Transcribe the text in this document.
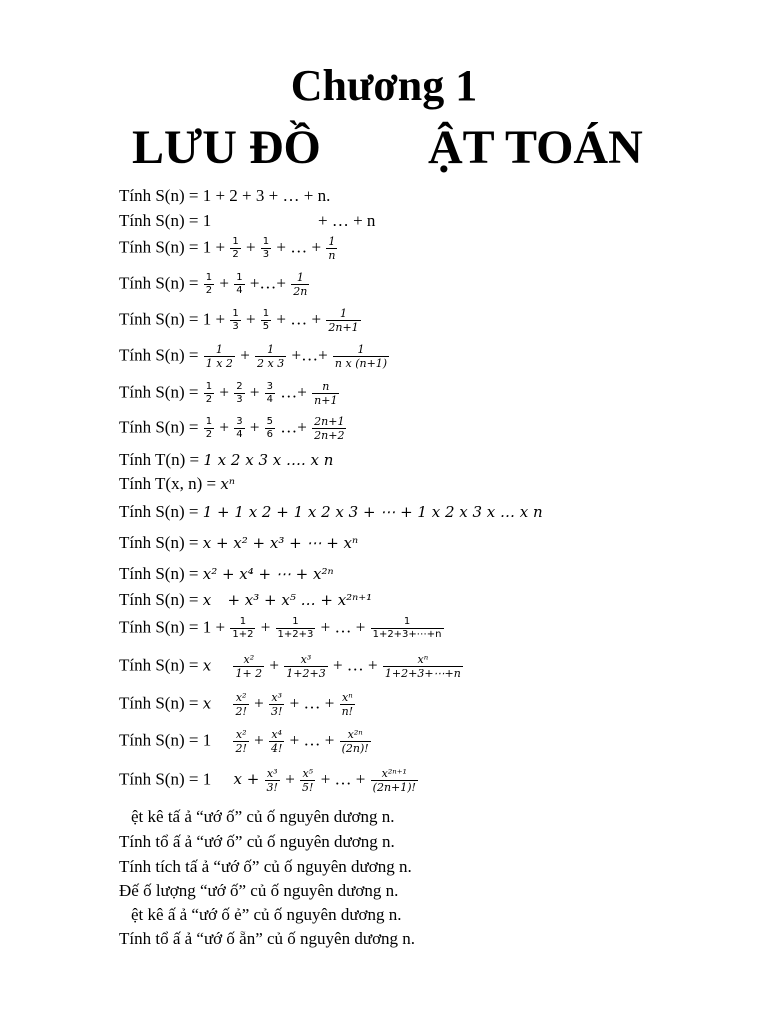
Chương 1
LƯU ĐỒ ẬT TOÁN
Tính S(n) = 1 + 2 + 3 + … + n.
Tính S(n) = 1	+ … + n
Tính $S(n) = 1 + \frac{1}{2} + \frac{1}{3}$ + … + $\frac{1}{n}$
Tính $S(n) = \frac{1}{2} + \frac{1}{4}$ +…+ $\frac{1}{2n}$
Tính $S(n) = 1 + \frac{1}{3} + \frac{1}{5}$ + … + $\frac{1}{2n+1}$
Tính $S(n) = \frac{1}{1 x 2} + \frac{1}{2 x 3}$ +…+ $\frac{1}{\text{n x (n+1)}}$
Tính $S(n) = \frac{1}{2} + \frac{2}{3} + \frac{3}{4}$ …+ $\frac{n}{n+1}$
Tính $S(n) = \frac{1}{2} + \frac{3}{4} + \frac{5}{6}$ …+ $\frac{2n+1}{2n+2}$
Tính T(n) = 1 x 2 x 3 x …. x n
Tính T(x, n) = xⁿ
Tính S(n) = 1 + 1 x 2 + 1 x 2 x 3 + ⋯ + 1 x 2 x 3 x … x n
Tính S(n) = x + x² + x³ + ⋯ + xⁿ
Tính S(n) = x² + x⁴ + ⋯ + x²ⁿ
Tính S(n) = x + x³ + x⁵ … + x²ⁿ⁺¹
Tính $S(n) = 1 + \frac{1}{1+2} + \frac{1}{1+2+3}$ + … + $\frac{1}{1+2+3+\cdots+n}$
Tính S(n) = x $\frac{\text{x²}}{1+ 2} + \frac{\text{x³}}{1+2+3}$ + … + $\frac{\text{xⁿ}}{1+2+3+\cdots+n}$
Tính S(n) = x $\frac{\text{x²}}{2!} + \frac{\text{x³}}{3!}$ + … + $\frac{\text{xⁿ}}{n!}$
Tính $S(n) = 1 \frac{\text{x²}}{2!} + \frac{\text{x⁴}}{4!}$ + … + $\frac{\text{x²ⁿ}}{(2n)!}$
Tính S(n) = 1 $x + \frac{\text{x³}}{3!} + \frac{\text{x⁵}}{5!}$ + … + $\frac{\text{x²ⁿ⁺¹}}{(2n+1)!}$
ệt kê tấ ả “ướ ố” củ ố nguyên dương n.
Tính tổ ấ ả “ướ ố” củ ố nguyên dương n.
Tính tích tấ ả “ướ ố” củ ố nguyên dương n.
Đế ố lượng “ướ ố” củ ố nguyên dương n.
ệt kê ấ ả “ướ ố ẻ” củ ố nguyên dương n.
Tính tổ ấ ả “ướ ố ẵn” củ ố nguyên dương n.
